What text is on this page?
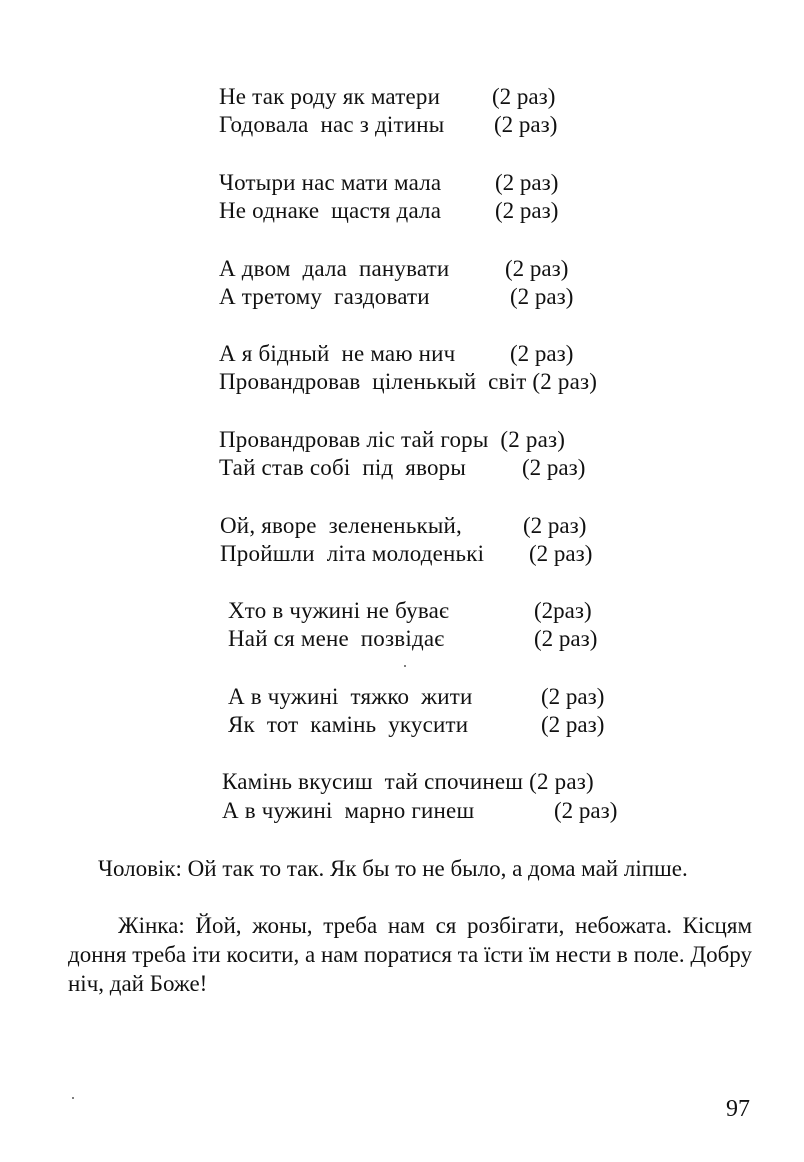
Не так роду як матери (2 раз)
Годовала  нас з дітины (2 раз)
Чотыри нас мати мала (2 раз)
Не однаке  щастя дала (2 раз)
А двом  дала  панувати (2 раз)
А третому  газдовати	(2 раз)
А я бідный  не маю нич (2 раз)
Провандровав  ціленькый  світ (2 раз)
Провандровав ліс тай горы  (2 раз)
Тай став собі  під  яворы (2 раз)
Ой, яворе  зелененькый,	(2 раз)
Пройшли  літа молоденькі (2 раз)
Хто в чужині не буває	(2раз)
Най ся мене  позвідає	(2 раз)
А в чужині  тяжко  жити	(2 раз)
Як  тот  камінь  укусити	(2 раз)
Камінь вкусиш  тай спочинеш (2 раз)
А в чужині  марно гинеш	(2 раз)
Чоловік: Ой так то так. Як бы то не было, а дома май ліпше.
Жінка: Йой, жоны, треба нам ся розбігати, небожата. Кісцям доння треба іти косити, а нам поратися та їсти їм нести в поле. Добру ніч, дай Боже!
97
